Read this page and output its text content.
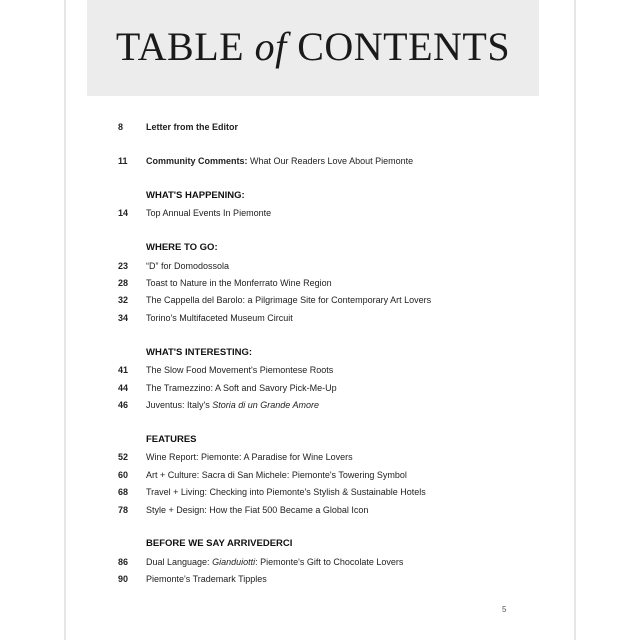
TABLE of CONTENTS
8	Letter from the Editor
11	Community Comments: What Our Readers Love About Piemonte
WHAT'S HAPPENING:
14	Top Annual Events In Piemonte
WHERE TO GO:
23	“D” for Domodossola
28	Toast to Nature in the Monferrato Wine Region
32	The Cappella del Barolo: a Pilgrimage Site for Contemporary Art Lovers
34	Torino's Multifaceted Museum Circuit
WHAT'S INTERESTING:
41	The Slow Food Movement's Piemontese Roots
44	The Tramezzino: A Soft and Savory Pick-Me-Up
46	Juventus: Italy's Storia di un Grande Amore
FEATURES
52	Wine Report: Piemonte: A Paradise for Wine Lovers
60	Art + Culture: Sacra di San Michele: Piemonte's Towering Symbol
68	Travel + Living: Checking into Piemonte's Stylish & Sustainable Hotels
78	Style + Design: How the Fiat 500 Became a Global Icon
BEFORE WE SAY ARRIVEDERCI
86	Dual Language: Gianduiotti: Piemonte's Gift to Chocolate Lovers
90	Piemonte's Trademark Tipples
5
